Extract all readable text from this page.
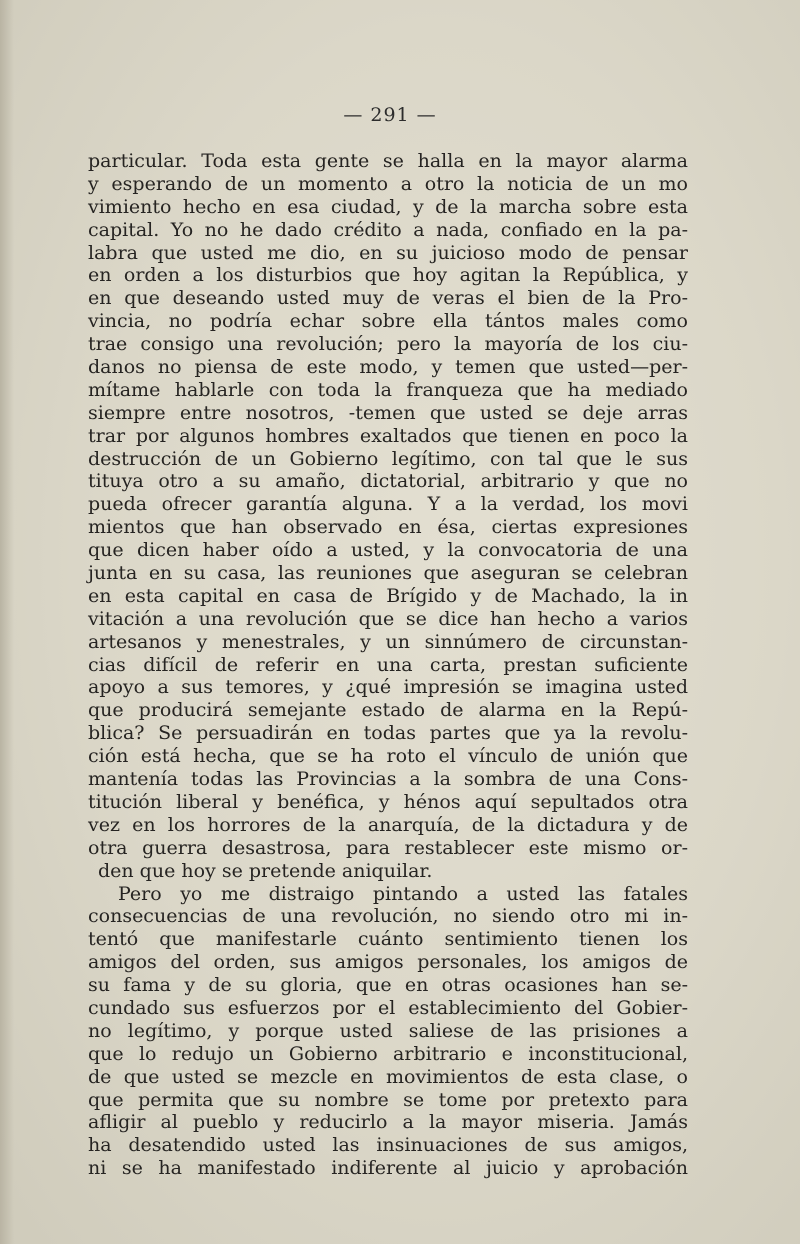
— 291 —
particular. Toda esta gente se halla en la mayor alarma
y esperando de un momento a otro la noticia de un mo
vimiento hecho en esa ciudad, y de la marcha sobre esta
capital. Yo no he dado crédito a nada, confiado en la pa-
labra que usted me dio, en su juicioso modo de pensar
en orden a los disturbios que hoy agitan la República, y
en que deseando usted muy de veras el bien de la Pro-
vincia, no podría echar sobre ella tántos males como
trae consigo una revolución; pero la mayoría de los ciu-
danos no piensa de este modo, y temen que usted—per-
mítame hablarle con toda la franqueza que ha mediado
siempre entre nosotros, -temen que usted se deje arras
trar por algunos hombres exaltados que tienen en poco la
destrucción de un Gobierno legítimo, con tal que le sus
tituya otro a su amaño, dictatorial, arbitrario y que no
pueda ofrecer garantía alguna. Y a la verdad, los movi
mientos que han observado en ésa, ciertas expresiones
que dicen haber oído a usted, y la convocatoria de una
junta en su casa, las reuniones que aseguran se celebran
en esta capital en casa de Brígido y de Machado, la in
vitación a una revolución que se dice han hecho a varios
artesanos y menestrales, y un sinnúmero de circunstan-
cias difícil de referir en una carta, prestan suficiente
apoyo a sus temores, y ¿qué impresión se imagina usted
que producirá semejante estado de alarma en la Repú-
blica? Se persuadirán en todas partes que ya la revolu-
ción está hecha, que se ha roto el vínculo de unión que
mantenía todas las Provincias a la sombra de una Cons-
titución liberal y benéfica, y hénos aquí sepultados otra
vez en los horrores de la anarquía, de la dictadura y de
otra guerra desastrosa, para restablecer este mismo or-
den que hoy se pretende aniquilar.
Pero yo me distraigo pintando a usted las fatales
consecuencias de una revolución, no siendo otro mi in-
tentó que manifestarle cuánto sentimiento tienen los
amigos del orden, sus amigos personales, los amigos de
su fama y de su gloria, que en otras ocasiones han se-
cundado sus esfuerzos por el establecimiento del Gobier-
no legítimo, y porque usted saliese de las prisiones a
que lo redujo un Gobierno arbitrario e inconstitucional,
de que usted se mezcle en movimientos de esta clase, o
que permita que su nombre se tome por pretexto para
afligir al pueblo y reducirlo a la mayor miseria. Jamás
ha desatendido usted las insinuaciones de sus amigos,
ni se ha manifestado indiferente al juicio y aprobación
